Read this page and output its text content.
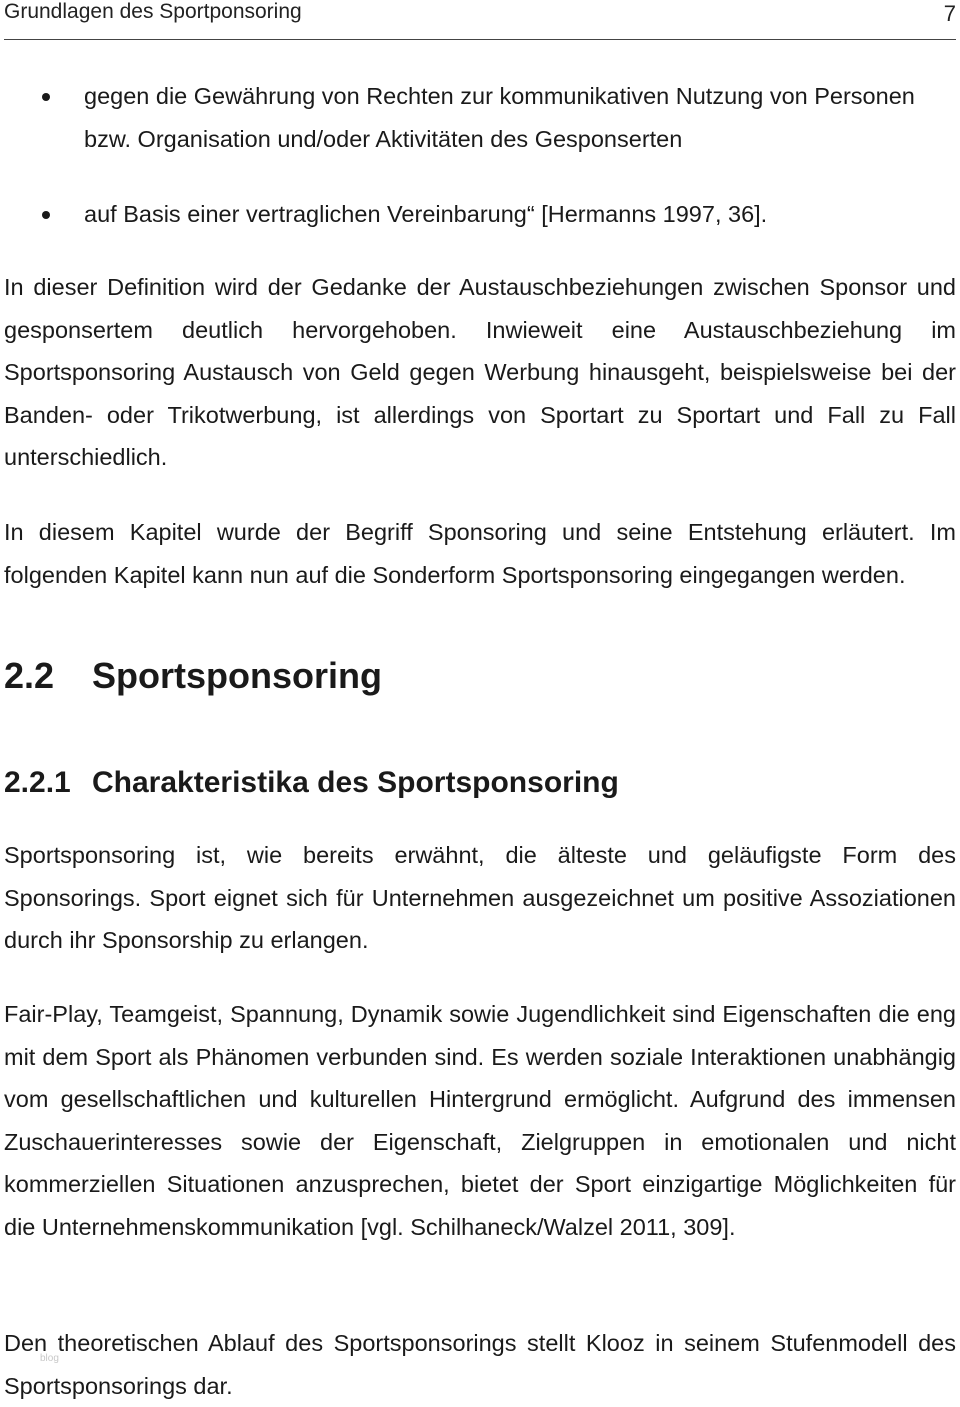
Grundlagen des Sportponsoring	7
gegen die Gewährung von Rechten zur kommunikativen Nutzung von Personen bzw. Organisation und/oder Aktivitäten des Gesponserten
auf Basis einer vertraglichen Vereinbarung“ [Hermanns 1997, 36].

In dieser Definition wird der Gedanke der Austauschbeziehungen zwischen Sponsor und gesponsertem deutlich hervorgehoben. Inwieweit eine Austauschbeziehung im Sportsponsoring Austausch von Geld gegen Werbung hinausgeht, beispielsweise bei der Banden- oder Trikotwerbung, ist allerdings von Sportart zu Sportart und Fall zu Fall unterschiedlich.

In diesem Kapitel wurde der Begriff Sponsoring und seine Entstehung erläutert. Im folgenden Kapitel kann nun auf die Sonderform Sportsponsoring eingegangen werden.

2.2 Sportsponsoring
2.2.1 Charakteristika des Sportsponsoring

Sportsponsoring ist, wie bereits erwähnt, die älteste und geläufigste Form des Sponsorings. Sport eignet sich für Unternehmen ausgezeichnet um positive Assoziationen durch ihr Sponsorship zu erlangen.

Fair-Play, Teamgeist, Spannung, Dynamik sowie Jugendlichkeit sind Eigenschaften die eng mit dem Sport als Phänomen verbunden sind. Es werden soziale Interaktionen unabhängig vom gesellschaftlichen und kulturellen Hintergrund ermöglicht. Aufgrund des immensen Zuschauerinteresses sowie der Eigenschaft, Zielgruppen in emotionalen und nicht kommerziellen Situationen anzusprechen, bietet der Sport einzigartige Möglichkeiten für die Unternehmenskommunikation [vgl. Schilhaneck/Walzel 2011, 309].

Den theoretischen Ablauf des Sportsponsorings stellt Klooz in seinem Stufenmodell des Sportsponsorings dar.

blog
